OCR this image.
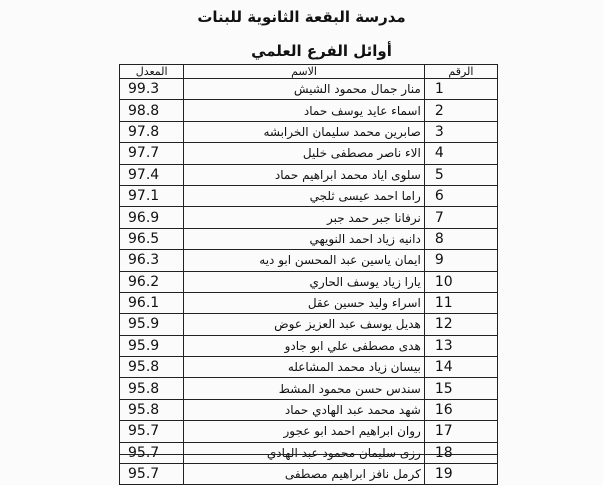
مدرسة البقعة الثانوية للبنات
أوائل الفرع العلمي
المعدل	الاسم	الرقم
99.3	منار جمال محمود الشيش	1
98.8	اسماء عايد يوسف حماد	2
97.8	صابرين محمد سليمان الخرابشه	3
97.7	الاء ناصر مصطفى خليل	4
97.4	سلوى اياد محمد ابراهيم حماد	5
97.1	راما احمد عيسى ثلجي	6
96.9	نرفانا جبر حمد جبر	7
96.5	دانيه زياد احمد النويهي	8
96.3	ايمان ياسين عبد المحسن ابو ديه	9
96.2	يارا زياد يوسف الحاري	10
96.1	اسراء وليد حسين عقل	11
95.9	هديل يوسف عبد العزيز عوض	12
95.9	هدى مصطفى علي ابو جادو	13
95.8	بيسان زياد محمد المشاعله	14
95.8	سندس حسن محمود المشط	15
95.8	شهد محمد عبد الهادي حماد	16
95.7	روان ابراهيم احمد ابو عجور	17
95.7	رزى سليمان محمود عبد الهادي	18
95.7	كرمل نافز ابراهيم مصطفى	19
